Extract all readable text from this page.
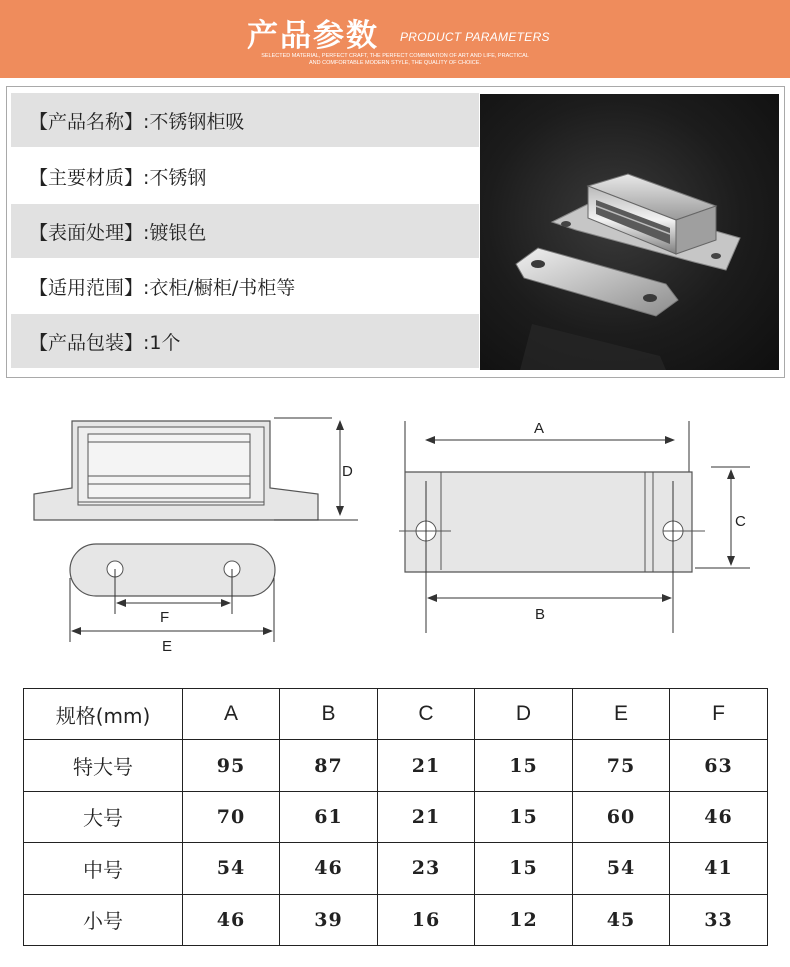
产品参数 PRODUCT PARAMETERS
SELECTED MATERIAL, PERFECT CRAFT, THE PERFECT COMBINATION OF ART AND LIFE, PRACTICAL
AND COMFORTABLE MODERN STYLE, THE QUALITY OF CHOICE.
【产品名称】 :不锈钢柜吸
【主要材质】 :不锈钢
【表面处理】 :镀银色
【适用范围】 :衣柜/橱柜/书柜等
【产品包装】 :1个
D
F
E
A
B
C
规格(mm)	A	B	C	D	E	F
特大号	95	87	21	15	75	63
大号	70	61	21	15	60	46
中号	54	46	23	15	54	41
小号	46	39	16	12	45	33
